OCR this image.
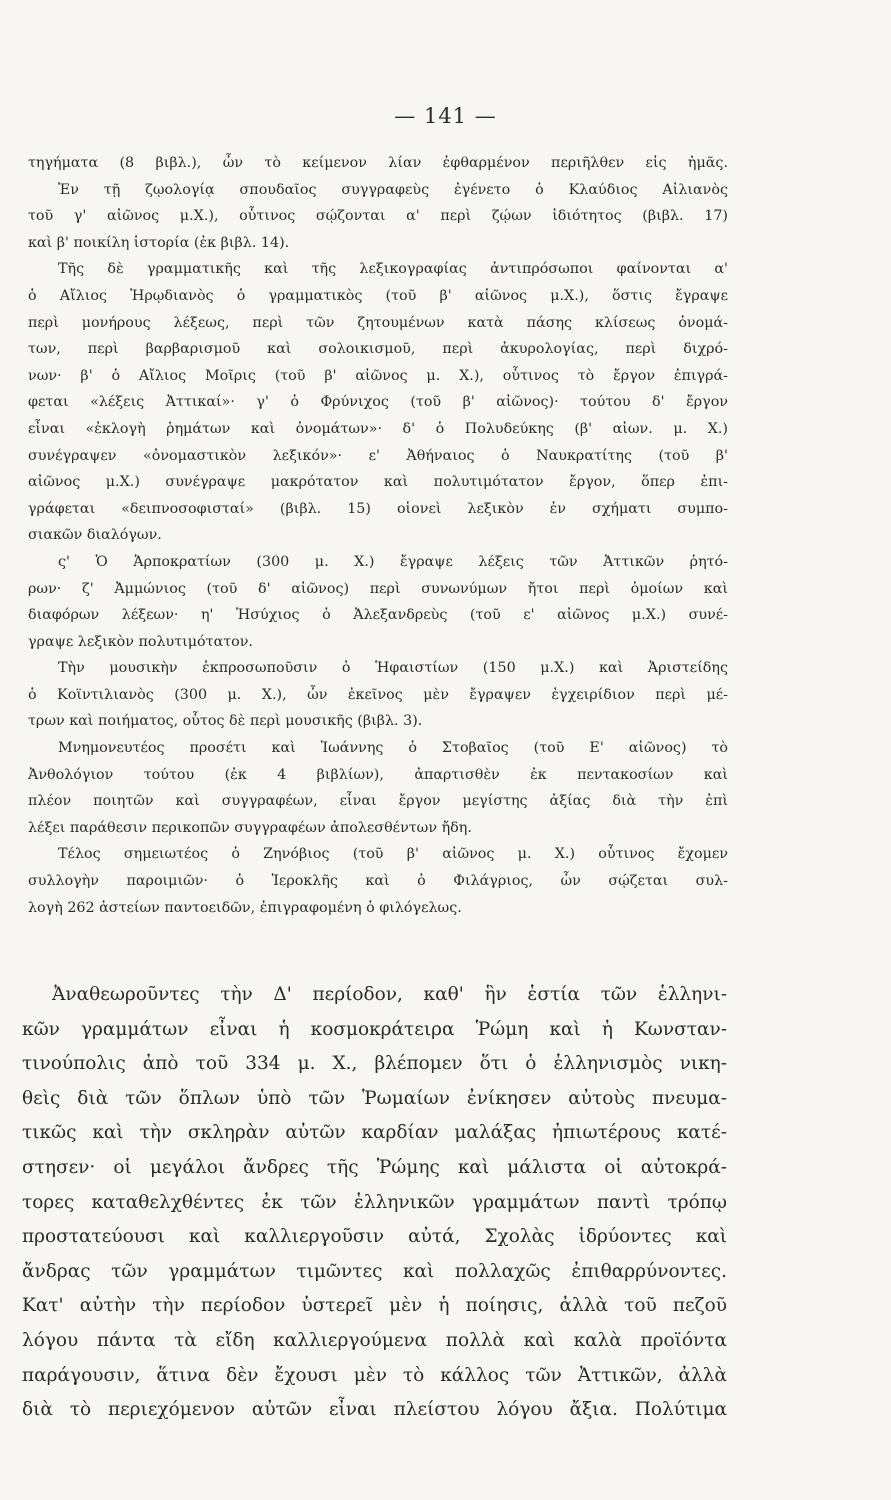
— 141 —
τηγήματα (8 βιβλ.), ὧν τὸ κείμενον λίαν ἐφθαρμένον περιῆλθεν εἰς ἡμᾶς.
Ἐν τῇ ζῳολογίᾳ σπουδαῖος συγγραφεὺς ἐγένετο ὁ Κλαύδιος Αἰλιανὸς
τοῦ γ' αἰῶνος μ.Χ.), οὗτινος σῴζονται α' περὶ ζῴων ἰδιότητος (βιβλ. 17)
καὶ β' ποικίλη ἱστορία (ἐκ βιβλ. 14).
Τῆς δὲ γραμματικῆς καὶ τῆς λεξικογραφίας ἀντιπρόσωποι φαίνονται α'
ὁ Αἴλιος Ἡρῳδιανὸς ὁ γραμματικὸς (τοῦ β' αἰῶνος μ.Χ.), ὅστις ἔγραψε
περὶ μονήρους λέξεως, περὶ τῶν ζητουμένων κατὰ πάσης κλίσεως ὀνομά-
των, περὶ βαρβαρισμοῦ καὶ σολοικισμοῦ, περὶ ἀκυρολογίας, περὶ διχρό-
νων· β' ὁ Αἴλιος Μοῖρις (τοῦ β' αἰῶνος μ. Χ.), οὗτινος τὸ ἔργον ἐπιγρά-
φεται «λέξεις Ἀττικαί»· γ' ὁ Φρύνιχος (τοῦ β' αἰῶνος)· τούτου δ' ἔργον
εἶναι «ἐκλογὴ ῥημάτων καὶ ὀνομάτων»· δ' ὁ Πολυδεύκης (β' αἰων. μ. Χ.)
συνέγραψεν «ὀνομαστικὸν λεξικόν»· ε' Ἀθήναιος ὁ Ναυκρατίτης (τοῦ β'
αἰῶνος μ.Χ.) συνέγραψε μακρότατον καὶ πολυτιμότατον ἔργον, ὅπερ ἐπι-
γράφεται «δειπνοσοφισταί» (βιβλ. 15) οἱονεὶ λεξικὸν ἐν σχήματι συμπο-
σιακῶν διαλόγων.
ς' Ὁ Ἁρποκρατίων (300 μ. Χ.) ἔγραψε λέξεις τῶν Ἀττικῶν ῥητό-
ρων· ζ' Ἀμμώνιος (τοῦ δ' αἰῶνος) περὶ συνωνύμων ἤτοι περὶ ὁμοίων καὶ
διαφόρων λέξεων· η' Ἡσύχιος ὁ Ἀλεξανδρεὺς (τοῦ ε' αἰῶνος μ.Χ.) συνέ-
γραψε λεξικὸν πολυτιμότατον.
Τὴν μουσικὴν ἐκπροσωποῦσιν ὁ Ἡφαιστίων (150 μ.Χ.) καὶ Ἀριστείδης
ὁ Κοϊντιλιανὸς (300 μ. Χ.), ὧν ἐκεῖνος μὲν ἔγραψεν ἐγχειρίδιον περὶ μέ-
τρων καὶ ποιήματος, οὗτος δὲ περὶ μουσικῆς (βιβλ. 3).
Μνημονευτέος προσέτι καὶ Ἰωάννης ὁ Στοβαῖος (τοῦ Ε' αἰῶνος) τὸ
Ἀνθολόγιον τούτου (ἐκ 4 βιβλίων), ἀπαρτισθὲν ἐκ πεντακοσίων καὶ
πλέον ποιητῶν καὶ συγγραφέων, εἶναι ἔργον μεγίστης ἀξίας διὰ τὴν ἐπὶ
λέξει παράθεσιν περικοπῶν συγγραφέων ἀπολεσθέντων ἤδη.
Τέλος σημειωτέος ὁ Ζηνόβιος (τοῦ β' αἰῶνος μ. Χ.) οὗτινος ἔχομεν
συλλογὴν παροιμιῶν· ὁ Ἱεροκλῆς καὶ ὁ Φιλάγριος, ὧν σῴζεται συλ-
λογὴ 262 ἀστείων παντοειδῶν, ἐπιγραφομένη ὁ φιλόγελως.
Ἀναθεωροῦντες τὴν Δ' περίοδον, καθ' ἣν ἑστία τῶν ἑλληνι-
κῶν γραμμάτων εἶναι ἡ κοσμοκράτειρα Ῥώμη καὶ ἡ Κωνσταν-
τινούπολις ἀπὸ τοῦ 334 μ. Χ., βλέπομεν ὅτι ὁ ἑλληνισμὸς νικη-
θεὶς διὰ τῶν ὅπλων ὑπὸ τῶν Ῥωμαίων ἐνίκησεν αὐτοὺς πνευμα-
τικῶς καὶ τὴν σκληρὰν αὐτῶν καρδίαν μαλάξας ἠπιωτέρους κατέ-
στησεν· οἱ μεγάλοι ἄνδρες τῆς Ῥώμης καὶ μάλιστα οἱ αὐτοκρά-
τορες καταθελχθέντες ἐκ τῶν ἑλληνικῶν γραμμάτων παντὶ τρόπῳ
προστατεύουσι καὶ καλλιεργοῦσιν αὐτά, Σχολὰς ἱδρύοντες καὶ
ἄνδρας τῶν γραμμάτων τιμῶντες καὶ πολλαχῶς ἐπιθαρρύνοντες.
Κατ' αὐτὴν τὴν περίοδον ὑστερεῖ μὲν ἡ ποίησις, ἀλλὰ τοῦ πεζοῦ
λόγου πάντα τὰ εἴδη καλλιεργούμενα πολλὰ καὶ καλὰ προϊόντα
παράγουσιν, ἅτινα δὲν ἔχουσι μὲν τὸ κάλλος τῶν Ἀττικῶν, ἀλλὰ
διὰ τὸ περιεχόμενον αὐτῶν εἶναι πλείστου λόγου ἄξια. Πολύτιμα
